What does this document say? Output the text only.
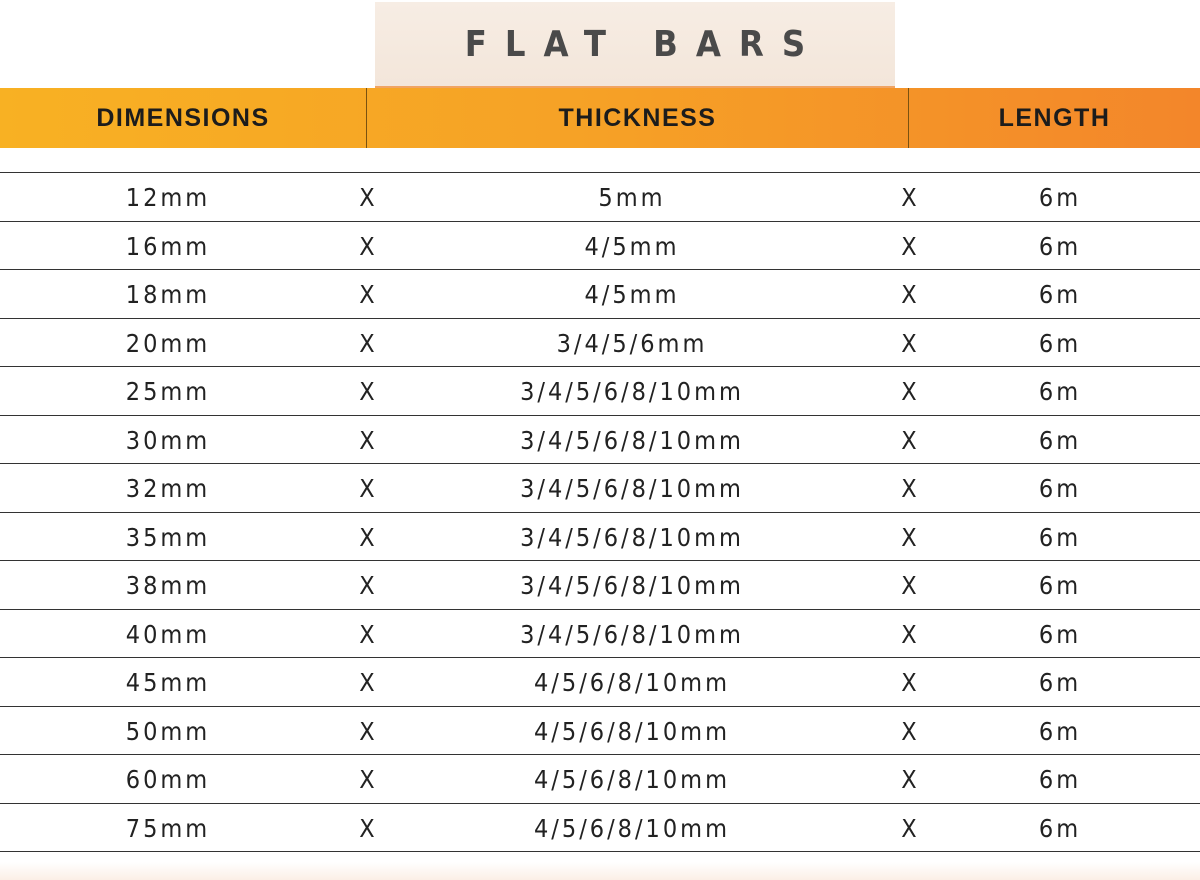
FLAT BARS
DIMENSIONS	THICKNESS	LENGTH
12mm	X	5mm	X	6m
16mm	X	4/5mm	X	6m
18mm	X	4/5mm	X	6m
20mm	X	3/4/5/6mm	X	6m
25mm	X	3/4/5/6/8/10mm	X	6m
30mm	X	3/4/5/6/8/10mm	X	6m
32mm	X	3/4/5/6/8/10mm	X	6m
35mm	X	3/4/5/6/8/10mm	X	6m
38mm	X	3/4/5/6/8/10mm	X	6m
40mm	X	3/4/5/6/8/10mm	X	6m
45mm	X	4/5/6/8/10mm	X	6m
50mm	X	4/5/6/8/10mm	X	6m
60mm	X	4/5/6/8/10mm	X	6m
75mm	X	4/5/6/8/10mm	X	6m
